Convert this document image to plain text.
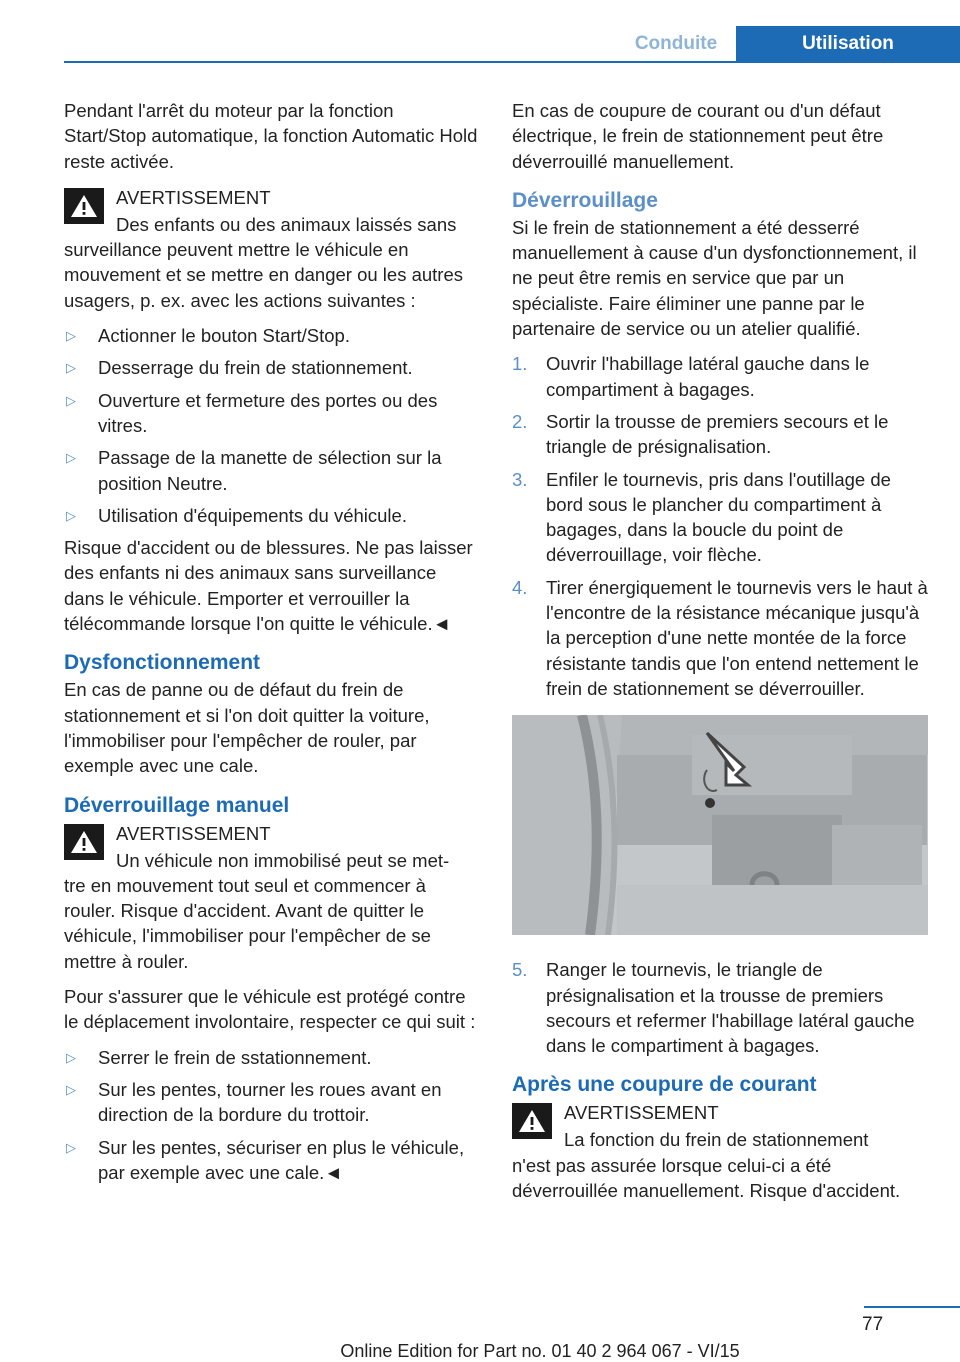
Conduite	Utilisation

Pendant l'arrêt du moteur par la fonction Start/Stop automatique, la fonction Automatic Hold reste activée.

AVERTISSEMENT
Des enfants ou des animaux laissés sans
surveillance peuvent mettre le véhicule en mouvement et se mettre en danger ou les autres usagers, p. ex. avec les actions suivantes :
▷ Actionner le bouton Start/Stop.
▷ Desserrage du frein de stationnement.
▷ Ouverture et fermeture des portes ou des vitres.
▷ Passage de la manette de sélection sur la position Neutre.
▷ Utilisation d'équipements du véhicule.

Risque d'accident ou de blessures. Ne pas laisser des enfants ni des animaux sans surveillance dans le véhicule. Emporter et verrouiller la télécommande lorsque l'on quitte le véhicule.◄

Dysfonctionnement

En cas de panne ou de défaut du frein de stationnement et si l'on doit quitter la voiture, l'immobiliser pour l'empêcher de rouler, par exemple avec une cale.

Déverrouillage manuel
AVERTISSEMENT
Un véhicule non immobilisé peut se met-
tre en mouvement tout seul et commencer à rouler. Risque d'accident. Avant de quitter le véhicule, l'immobiliser pour l'empêcher de se mettre à rouler.

Pour s'assurer que le véhicule est protégé contre le déplacement involontaire, respecter ce qui suit :

▷ Serrer le frein de sstationnement.
▷ Sur les pentes, tourner les roues avant en direction de la bordure du trottoir.
▷ Sur les pentes, sécuriser en plus le véhicule, par exemple avec une cale.◄

En cas de coupure de courant ou d'un défaut électrique, le frein de stationnement peut être déverrouillé manuellement.

Déverrouillage

Si le frein de stationnement a été desserré manuellement à cause d'un dysfonctionnement, il ne peut être remis en service que par un spécialiste. Faire éliminer une panne par le partenaire de service ou un atelier qualifié.

1. Ouvrir l'habillage latéral gauche dans le compartiment à bagages.
2. Sortir la trousse de premiers secours et le triangle de présignalisation.
3. Enfiler le tournevis, pris dans l'outillage de bord sous le plancher du compartiment à bagages, dans la boucle du point de déverrouillage, voir flèche.
4. Tirer énergiquement le tournevis vers le haut à l'encontre de la résistance mécanique jusqu'à la perception d'une nette montée de la force résistante tandis que l'on entend nettement le frein de stationnement se déverrouiller.
5. Ranger le tournevis, le triangle de présignalisation et la trousse de premiers secours et refermer l'habillage latéral gauche dans le compartiment à bagages.
Après une coupure de courant
AVERTISSEMENT
La fonction du frein de stationnement
n'est pas assurée lorsque celui-ci a été déverrouillée manuellement. Risque d'accident.
77
Online Edition for Part no. 01 40 2 964 067 - VI/15
